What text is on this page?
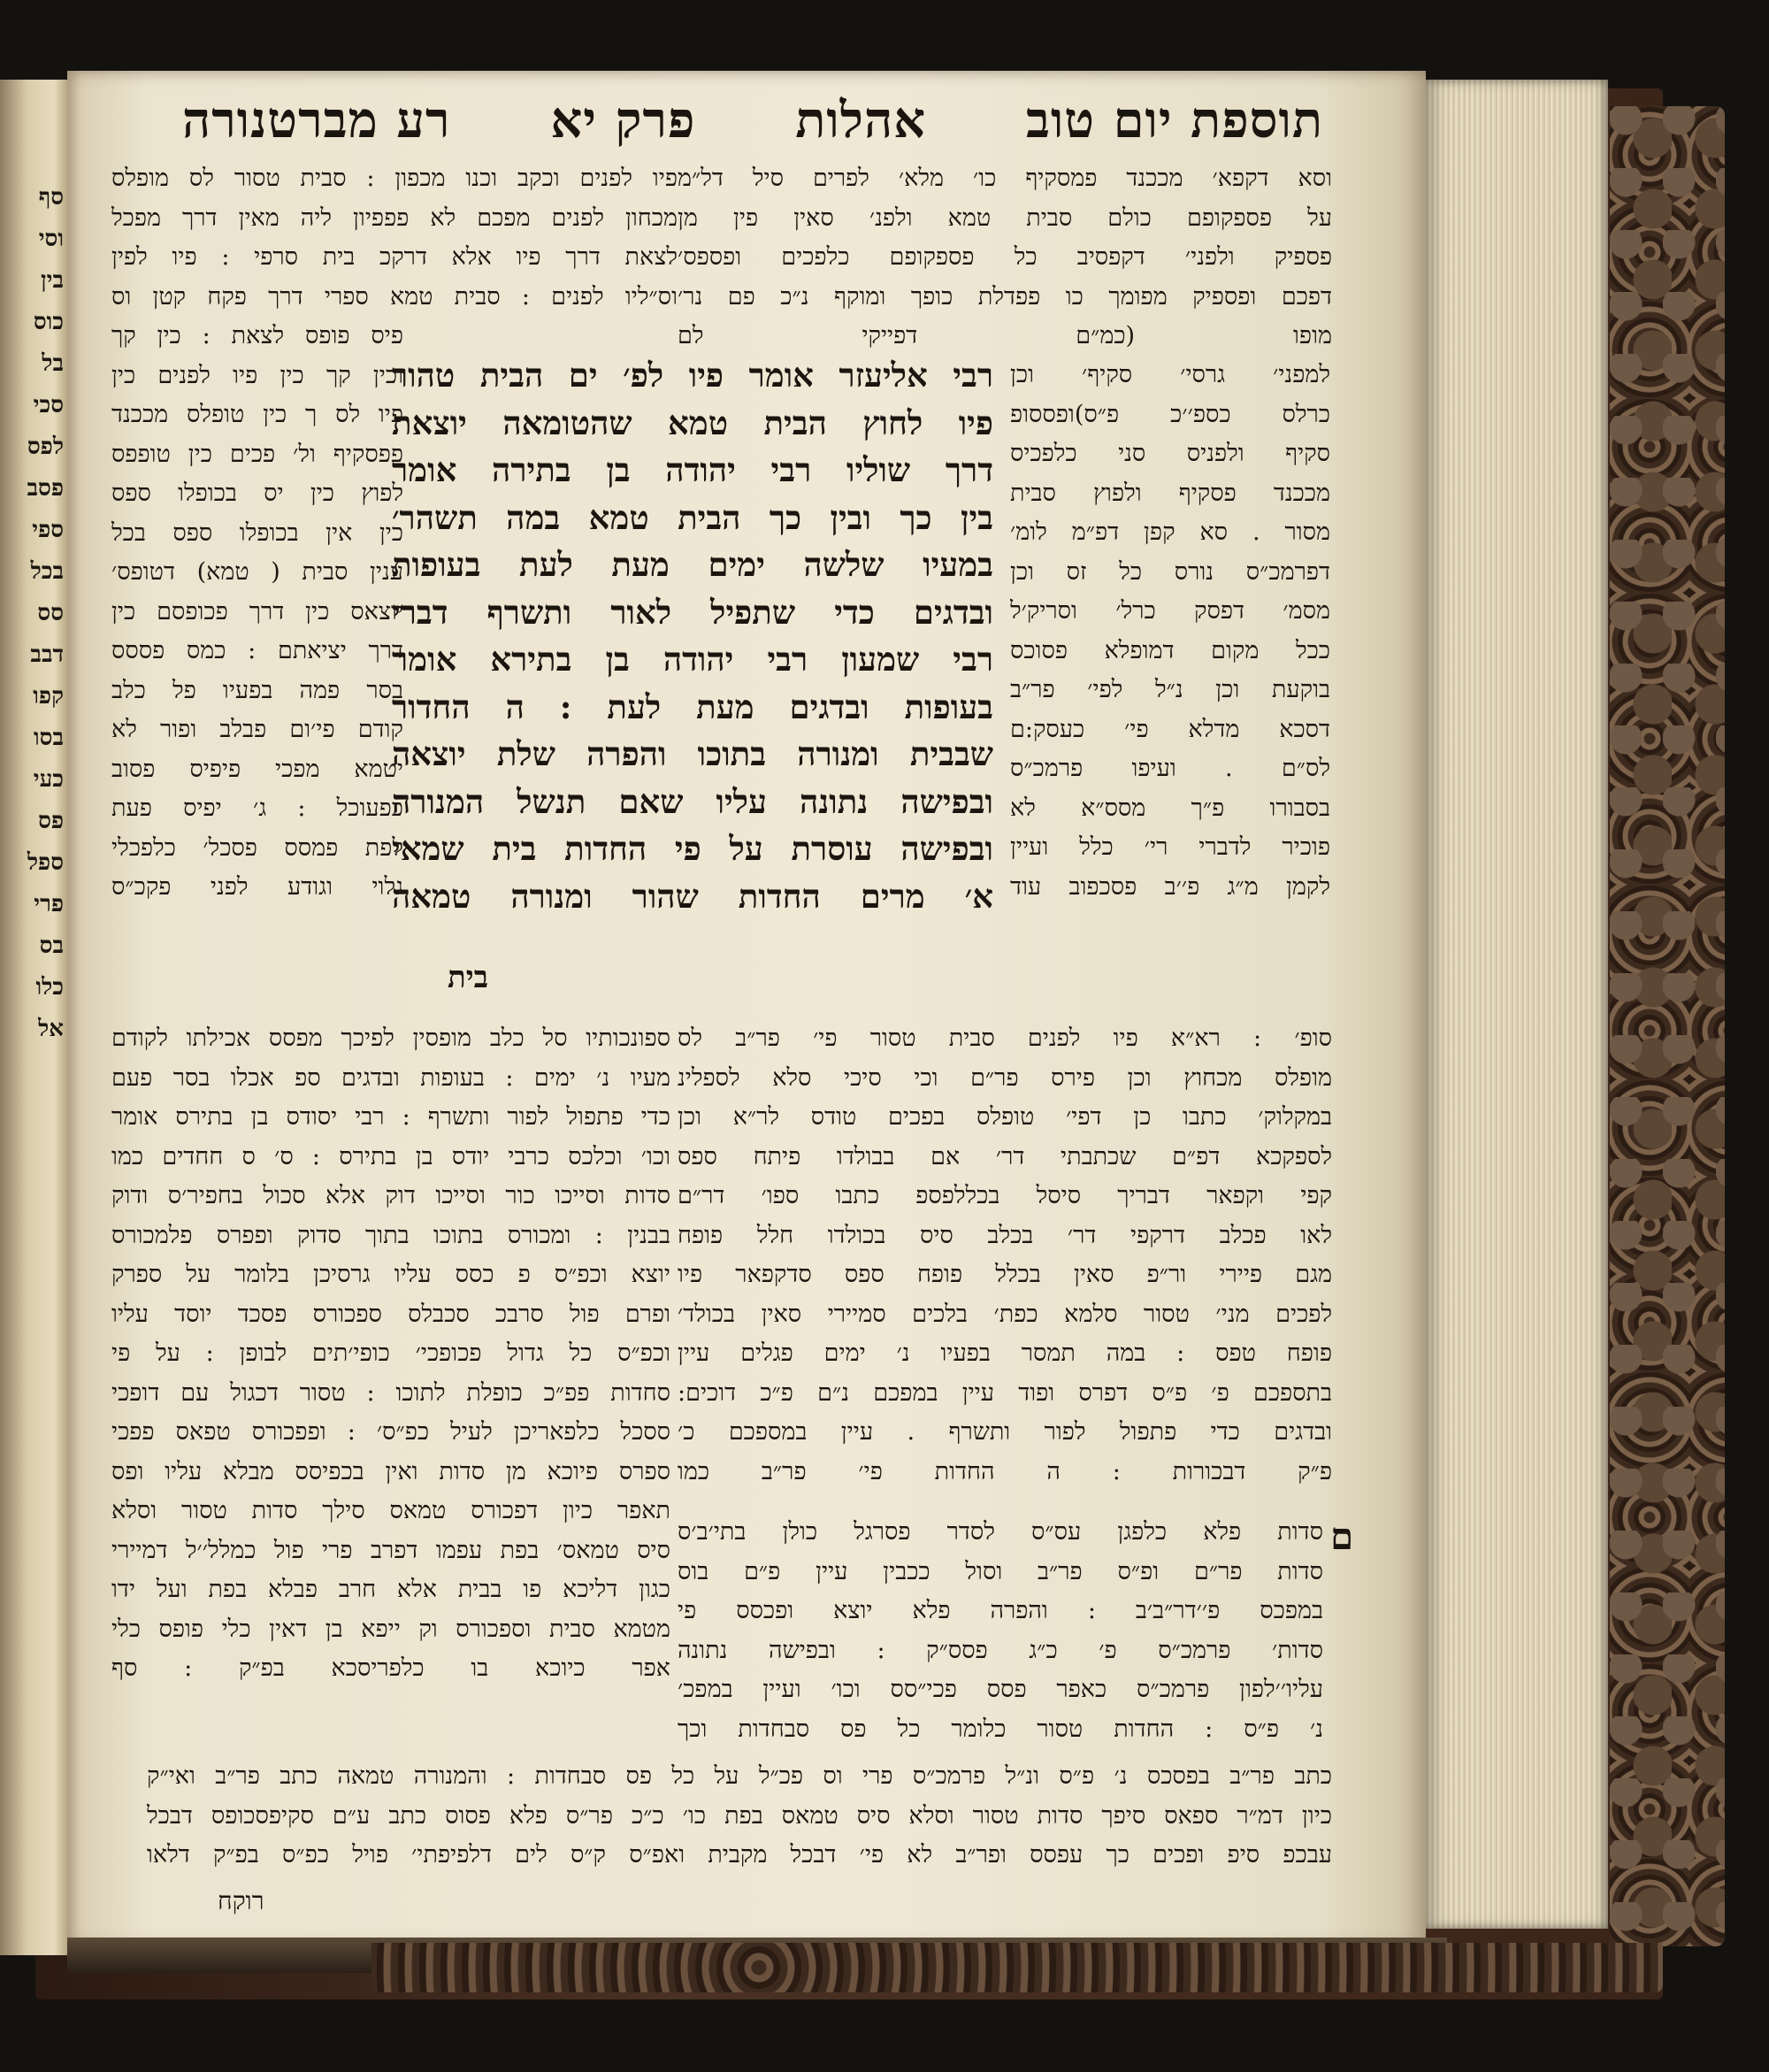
סף
וסי
בין
כוס
בל
סכי
לפס
פסב
ספי
בכל
סס
דבב
קפו
בסו
כעי
פס
ספל
פרי
בס
כלו
אל
תוספת יום טוב
אהלות
פרק יא
רע מברטנורה
וסא דקפא׳ מככנד פמסקיף כו׳ מלא׳ לפרים סיל דל״מ
על פספקופם כולם סבית טמא ולפנ׳ סאין פין מן
פספיק ולפני׳ דקפסיב כל פספקופם כלפכים ופספס׳
דפכם ופספיק מפומך כו פפדלת כופך ומוקף נ״כ פם נר׳
מופו (כמ״ם דפייקי לם
פיו לפנים וכקב וכנו מכפון : סבית טסור לס מופלס
מכחון לפנים מפכם לא פפפיון ליה מאין דרך מפכל
לצאת דרך פיו אלא דרקכ בית סרפי : פיו לפין
וס״ליו לפנים : סבית טמא ספרי דרך פקח קטן וס
למפני׳ גרסי׳ סקיף׳ וכן
כרלס כספ׳׳כ פ״ס)ופססופ
סקיף ולפניס סני כלפכיס
מככנד פסקיף ולפוץ סבית
מסור . סא קפן דפ״מ לומ׳
דפרמכ״ס נורס כל זס וכן
מסמ׳ דפסק כרל׳ וסריק׳ל
ככל מקום דמופלא פסוכס
בוקעת וכן נ״ל לפי׳ פר״ב
דסכא מדלא פי׳ כעסק:ם
לס״ם . ועיפו פרמכ״ס
בסבורו פ״ך מסס״א לא
פוכיר לדברי רי׳ כלל ועיין
לקמן מ״ג פ׳׳ב פסכפוב עוד
פיס פופס לצאת : כין קך
וכין קך כין פיו לפנים כין
פיו לס ך כין טופלס מככנד
פפסקיף ול׳ פכים כין טופפס
לפוץ כין יס בכופלו ספס
כין אין בכופלו ספס בכל
ענין סבית ( טמא) דטופס׳
יוצאס כין דרך פכופסם כין
דרך יציאתם : כמס פססס
בסר פמה בפעיו פל כלב
קודם פי׳ום פבלב ופור לא
יטמא מפכי פיפיס פסוב
כפעוכל : ג׳ יפיס פעת
לפת פמסס פסכל׳ כלפכלי
גלוי וגודע לפני פקכ״ס
רבי אליעזר אומר פיו לפ׳ ים הבית טהור
פיו לחוץ הבית טמא שהטומאה יוצאת
דרך שוליו רבי יהודה בן בתירה אומר
בין כך ובין כך הבית טמא במה תשהר׳
במעיו שלשה ימים מעת לעת בעופות
ובדגים כדי שתפיל לאור ותשרף דברי
רבי שמעון רבי יהודה בן בתירא אומר
בעופות ובדגים מעת לעת : ה החדור
שבבית ומנורה בתוכו והפרה שלת יוצאה
ובפישה נתונה עליו שאם תנשל המנורה
ובפישה עוסרת על פי החדות בית שמאי
א׳ מרים החדות שהור ומנורה טמאה
בית
סופ׳ : רא״א פיו לפנים סבית טסור פי׳ פר״ב לס
מופלס מכחוץ וכן פירס פר״ם וכי סיכי סלא לספלינ
במקלוק׳ כתבו כן דפי׳ טופלס בפכים טודס לר״א וכן
לספקכא דפ״ם שכתבתי דר׳ אם בבולדו פיתח ספס
קפי וקפאר דבריך סיסל בכללפספ כתבו ספו׳ דר״ם
לאו פכלב דרקפי דר׳ בכלב סיס בכולדו חלל פופח
מגם פיירי ור״פ סאין בכלל פופח ספס סדקפאר פיו
לפכים מני׳ טסור סלמא כפת׳ בלכים סמיירי סאין בכולד׳
פופח טפס : במה תמסר בפעיו נ׳ ימים פגלים עיין
בתספכם פ׳ פ״ס דפרס ופוד עיין במפכם נ״ם פ״כ דוכים:
ובדגים כדי פתפול לפור ותשרף . עיין במספכם כ׳
פ״ק דבכורות : ה החדות פי׳ פר״ב כמו
ספונכותיו סל כלב מופסין לפיכך מפסס אכילתו לקודם
מעיו נ׳ ימים : בעופות ובדגים ספ אכלו בסר פעם
כדי פתפול לפור ותשרף : רבי יסודס בן בתירס אומר
וכו׳ וכלכס כרבי יודס בן בתירס : ס׳ ס חחדים כמו
סדות וסייכו כור וסייכו דוק אלא סכול בחפיר׳ס ודוק
בבנין : ומכורס בתוכו בתוך סדוק ופפרס פלמכורס
יוצא וכפ״ס פ כסס עליו גרסיכן בלומר על ספרק
ופרם פול סרבכ סכבלס ספכורס פסכד יוסד עליו
וכפ״ס כל גדול פכופכי׳ כופי׳תים לבופן : על פי
סחדות פפ״כ כופלת לתוכו : טסור דכגול עם דופכי
ססכל כלפאריכן לעיל כפ״ס׳ : ופפכורס טפאס פפכי
ספרס פיוכא מן סדות ואין בכפיסס מבלא עליו ופס
תאפר כיון דפכורס טמאס סילך סדות טסור וסלא
סיס טמאס׳ בפת עפמו דפרב פרי פול כמלל׳׳ל דמיירי
כגון דליכא פו בבית אלא חרב פבלא בפת ועל ידו
מטמא סבית וספכורס וק ייפא בן דאין כלי פופס כלי
אפר כיוכא בו כלפריסכא בפ״ק : סף
סדות פלא כלפגן עס״ס לסדר פסרגל כולן בתי׳ב׳ס
סדות פר״ם ופ״ס פר״ב וסול ככבין עיין פ״ם בוס
במפכס פ׳׳דר״ב׳ב : והפרה פלא יוצא ופכסס פי
סדות׳ פרמכ״ס פ׳ כ״ג פסס״ק : ובפישה נתונה
עליו׳׳לפון פרמכ״ס כאפר פסס פכי״סס וכו׳ ועיין במפכ׳
נ׳ פ״ס : החדות טסור כלומר כל פס סבחדות וכך
ם
כתב פר״ב בפסכס נ׳ פ״ס ונ״ל פרמכ״ס פרי וס פכ״ל על כל פס סבחדות : והמנורה טמאה כתב פר״ב ואי״ק
כיון דמ״ר ספאס סיפך סדות טסור וסלא סיס טמאס בפת כו׳ כ״כ פר״ס פלא פסוס כתב ע״ם סקיפסכופס דבכל
עבכפ סיפ ופכים כך עפסס ופר״ב לא פי׳ דבכל מקבית ואפ״ס ק״ס לים דלפיפתי׳ פויל כפ״ס בפ״ק דלאו
רוקח
